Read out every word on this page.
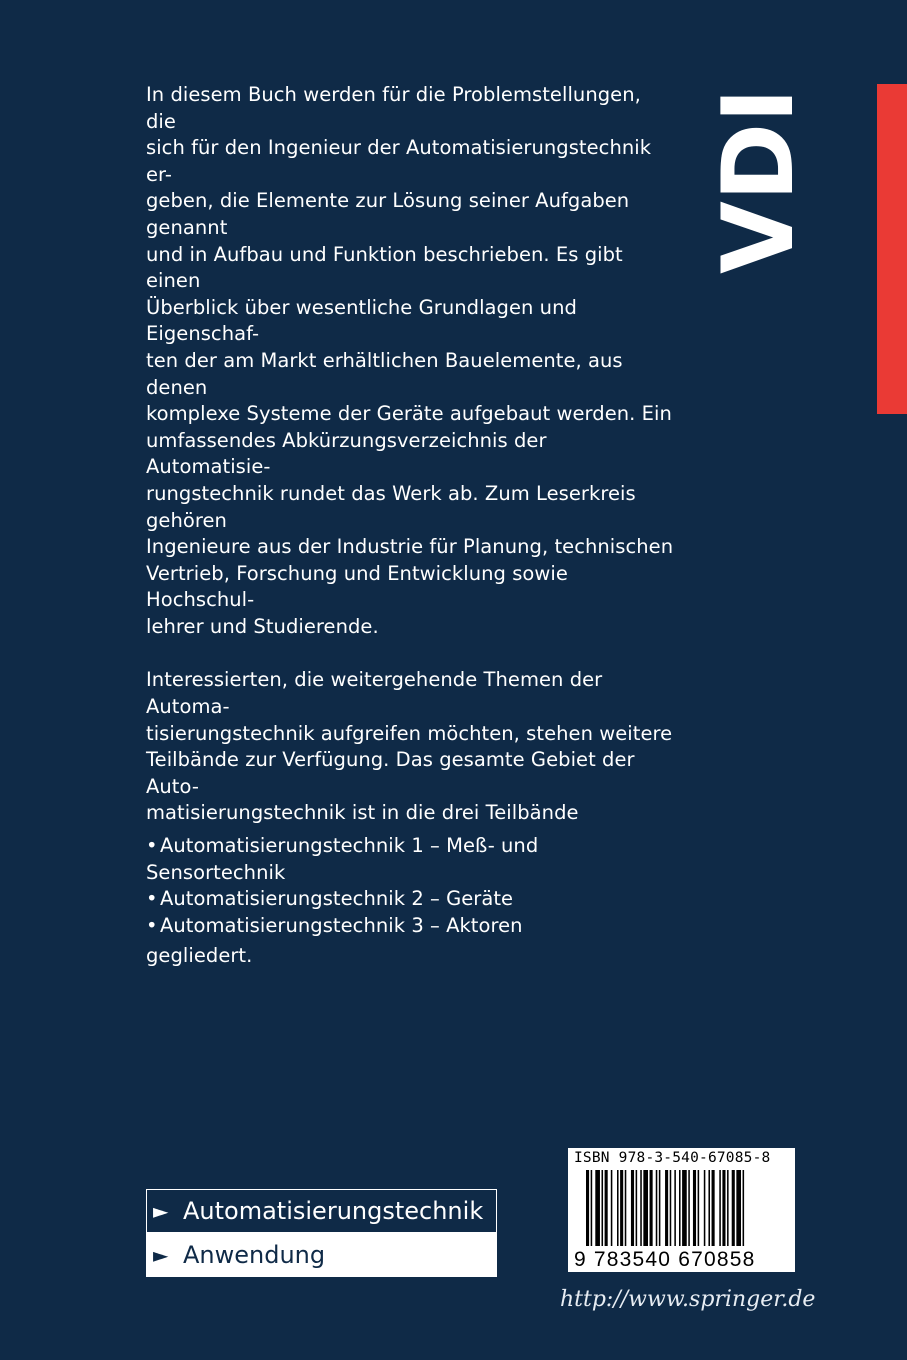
In diesem Buch werden für die Problemstellungen, die
sich für den Ingenieur der Automatisierungstechnik er-
geben, die Elemente zur Lösung seiner Aufgaben genannt
und in Aufbau und Funktion beschrieben. Es gibt einen
Überblick über wesentliche Grundlagen und Eigenschaf-
ten der am Markt erhältlichen Bauelemente, aus denen
komplexe Systeme der Geräte aufgebaut werden. Ein
umfassendes Abkürzungsverzeichnis der Automatisie-
rungstechnik rundet das Werk ab. Zum Leserkreis gehören
Ingenieure aus der Industrie für Planung, technischen
Vertrieb, Forschung und Entwicklung sowie Hochschul-
lehrer und Studierende.

Interessierten, die weitergehende Themen der Automa-
tisierungstechnik aufgreifen möchten, stehen weitere
Teilbände zur Verfügung. Das gesamte Gebiet der Auto-
matisierungstechnik ist in die drei Teilbände

• Automatisierungstechnik 1 – Meß- und Sensortechnik
• Automatisierungstechnik 2 – Geräte
• Automatisierungstechnik 3 – Aktoren

gegliedert.

VDI
► Automatisierungstechnik
► Anwendung
ISBN 978-3-540-67085-8
9 783540 670858
http://www.springer.de
